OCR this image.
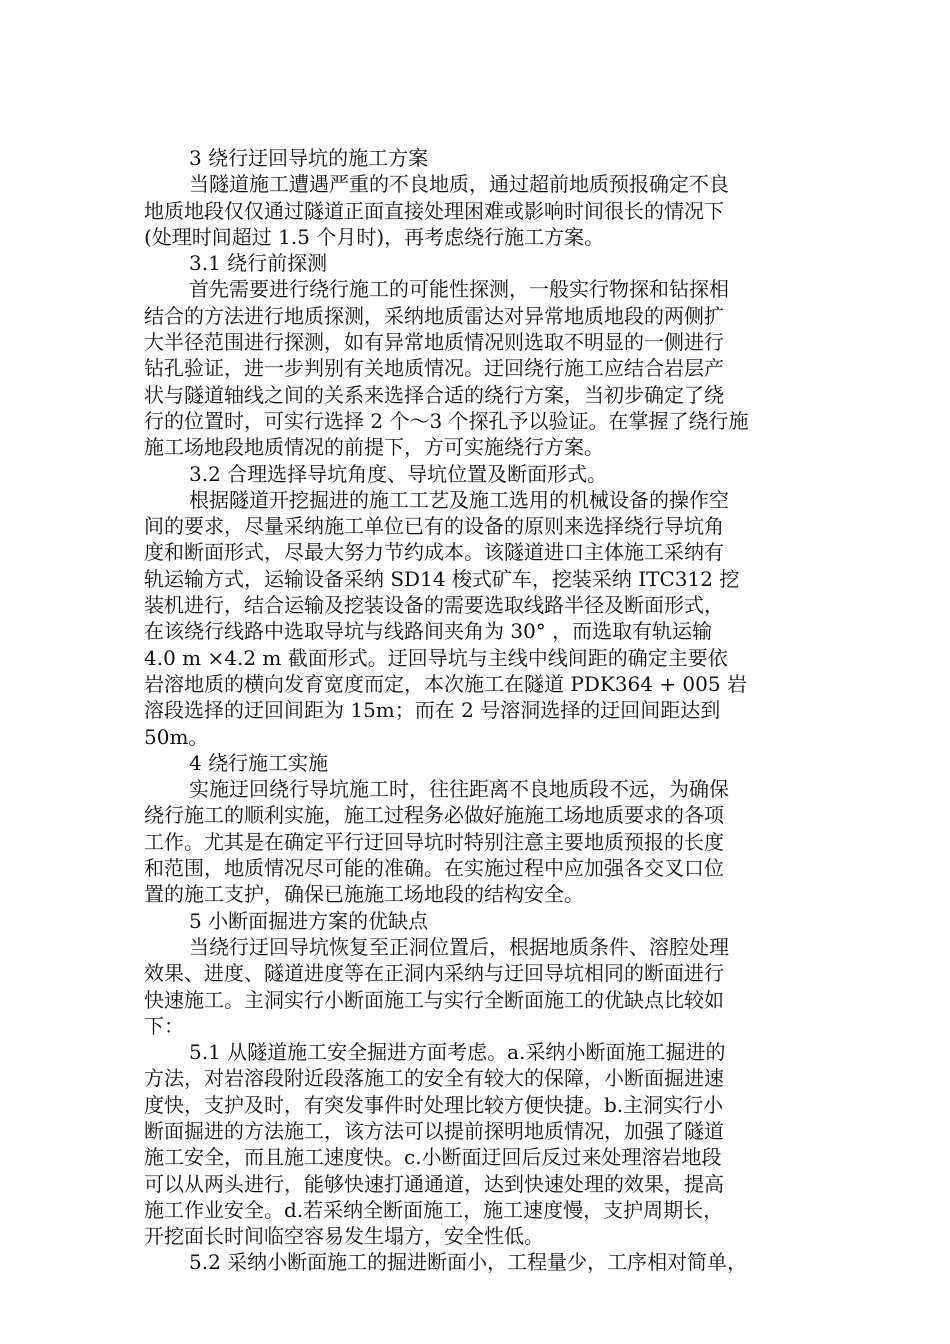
3 绕行迂回导坑的施工方案
当隧道施工遭遇严重的不良地质，通过超前地质预报确定不良
地质地段仅仅通过隧道正面直接处理困难或影响时间很长的情况下
(处理时间超过 1.5 个月时)，再考虑绕行施工方案。
3.1 绕行前探测
首先需要进行绕行施工的可能性探测，一般实行物探和钻探相
结合的方法进行地质探测，采纳地质雷达对异常地质地段的两侧扩
大半径范围进行探测，如有异常地质情况则选取不明显的一侧进行
钻孔验证，进一步判别有关地质情况。迂回绕行施工应结合岩层产
状与隧道轴线之间的关系来选择合适的绕行方案，当初步确定了绕
行的位置时，可实行选择 2 个～3 个探孔予以验证。在掌握了绕行施
施工场地段地质情况的前提下，方可实施绕行方案。
3.2 合理选择导坑角度、导坑位置及断面形式。
根据隧道开挖掘进的施工工艺及施工选用的机械设备的操作空
间的要求，尽量采纳施工单位已有的设备的原则来选择绕行导坑角
度和断面形式，尽最大努力节约成本。该隧道进口主体施工采纳有
轨运输方式，运输设备采纳 SD14 梭式矿车，挖装采纳 ITC312 挖
装机进行，结合运输及挖装设备的需要选取线路半径及断面形式，
在该绕行线路中选取导坑与线路间夹角为 30° ，而选取有轨运输
4.0 m ×4.2 m 截面形式。迂回导坑与主线中线间距的确定主要依
岩溶地质的横向发育宽度而定，本次施工在隧道 PDK364 + 005 岩
溶段选择的迂回间距为 15m；而在 2 号溶洞选择的迂回间距达到
50m。
4 绕行施工实施
实施迂回绕行导坑施工时，往往距离不良地质段不远，为确保
绕行施工的顺利实施，施工过程务必做好施施工场地质要求的各项
工作。尤其是在确定平行迂回导坑时特别注意主要地质预报的长度
和范围，地质情况尽可能的准确。在实施过程中应加强各交叉口位
置的施工支护，确保已施施工场地段的结构安全。
5 小断面掘进方案的优缺点
当绕行迂回导坑恢复至正洞位置后，根据地质条件、溶腔处理
效果、进度、隧道进度等在正洞内采纳与迂回导坑相同的断面进行
快速施工。主洞实行小断面施工与实行全断面施工的优缺点比较如
下：
5.1 从隧道施工安全掘进方面考虑。a.采纳小断面施工掘进的
方法，对岩溶段附近段落施工的安全有较大的保障，小断面掘进速
度快，支护及时，有突发事件时处理比较方便快捷。b.主洞实行小
断面掘进的方法施工，该方法可以提前探明地质情况，加强了隧道
施工安全，而且施工速度快。c.小断面迂回后反过来处理溶岩地段
可以从两头进行，能够快速打通通道，达到快速处理的效果，提高
施工作业安全。d.若采纳全断面施工，施工速度慢，支护周期长，
开挖面长时间临空容易发生塌方，安全性低。
5.2 采纳小断面施工的掘进断面小，工程量少，工序相对简单，
